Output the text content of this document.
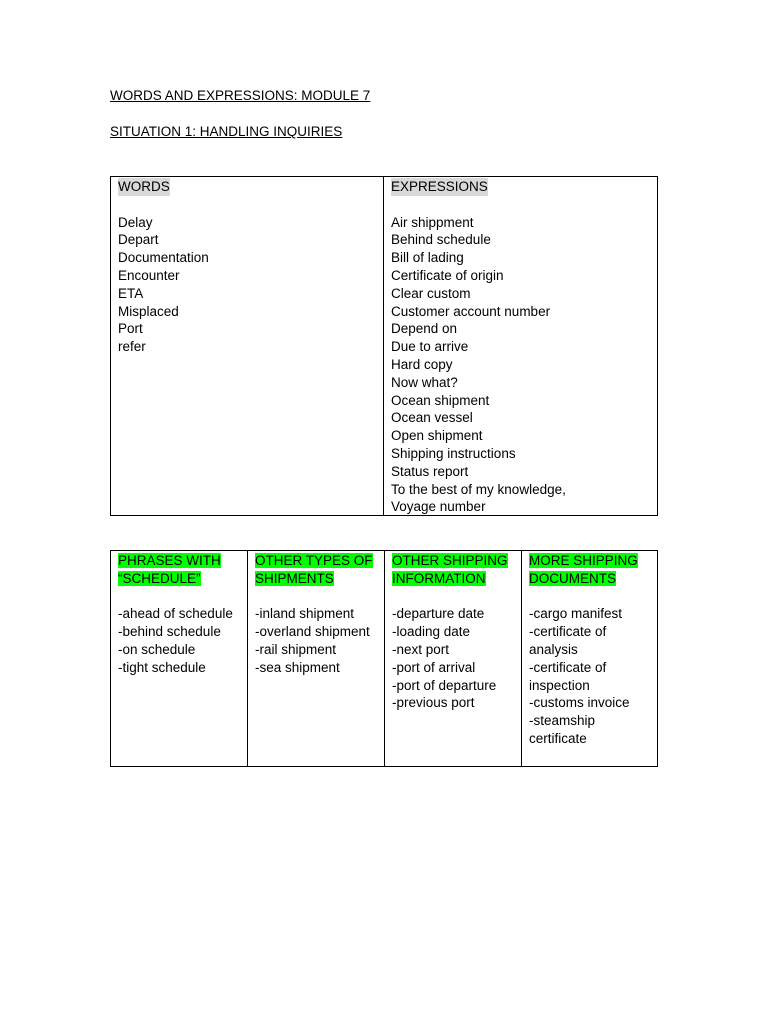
WORDS AND EXPRESSIONS: MODULE 7
SITUATION 1: HANDLING INQUIRIES
WORDS
Delay
Depart
Documentation
Encounter
ETA
Misplaced
Port
refer
EXPRESSIONS
Air shippment
Behind schedule
Bill of lading
Certificate of origin
Clear custom
Customer account number
Depend on
Due to arrive
Hard copy
Now what?
Ocean shipment
Ocean vessel
Open shipment
Shipping instructions
Status report
To the best of my knowledge,
Voyage number
PHRASES WITH “SCHEDULE”
-ahead of schedule
-behind schedule
-on schedule
-tight schedule
OTHER TYPES OF SHIPMENTS
-inland shipment
-overland shipment
-rail shipment
-sea shipment
OTHER SHIPPING INFORMATION
-departure date
-loading date
-next port
-port of arrival
-port of departure
-previous port
MORE SHIPPING DOCUMENTS
-cargo manifest
-certificate of analysis
-certificate of inspection
-customs invoice
-steamship certificate
